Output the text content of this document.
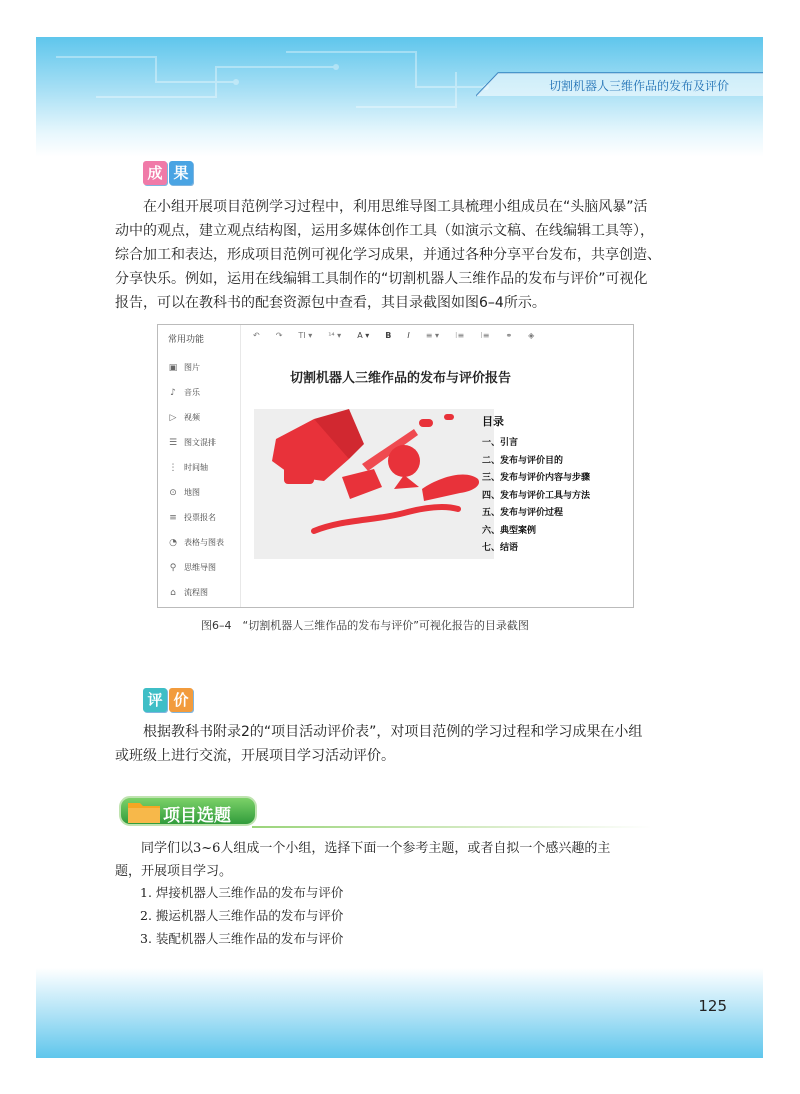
切割机器人三维作品的发布及评价
成 果

在小组开展项目范例学习过程中，利用思维导图工具梳理小组成员在“头脑风暴”活

动中的观点，建立观点结构图，运用多媒体创作工具（如演示文稿、在线编辑工具等），

综合加工和表达，形成项目范例可视化学习成果，并通过各种分享平台发布，共享创造、

分享快乐。例如，运用在线编辑工具制作的“切割机器人三维作品的发布与评价”可视化

报告，可以在教科书的配套资源包中查看，其目录截图如图6–4所示。

常用功能
▣ 图片
♪ 音乐
▷ 视频
☰ 图文混排
⋮ 时间轴
⊙ 地图
≡ 投票报名
◔ 表格与图表
⚲ 思维导图
⌂ 流程图
↶ ↷ TI ▾ ¹⁴ ▾ A ▾ B I ≡ ▾ ⁝≡ ⁝≡ ⚭ ◈
切割机器人三维作品的发布与评价报告
目录
一、引言
二、发布与评价目的
三、发布与评价内容与步骤
四、发布与评价工具与方法
五、发布与评价过程
六、典型案例
七、结语
图6–4　“切割机器人三维作品的发布与评价”可视化报告的目录截图
评 价

根据教科书附录2的“项目活动评价表”，对项目范例的学习过程和学习成果在小组

或班级上进行交流，开展项目学习活动评价。

项目选题

同学们以3~6人组成一个小组，选择下面一个参考主题，或者自拟一个感兴趣的主

题，开展项目学习。

1. 焊接机器人三维作品的发布与评价
2. 搬运机器人三维作品的发布与评价
3. 装配机器人三维作品的发布与评价
125
